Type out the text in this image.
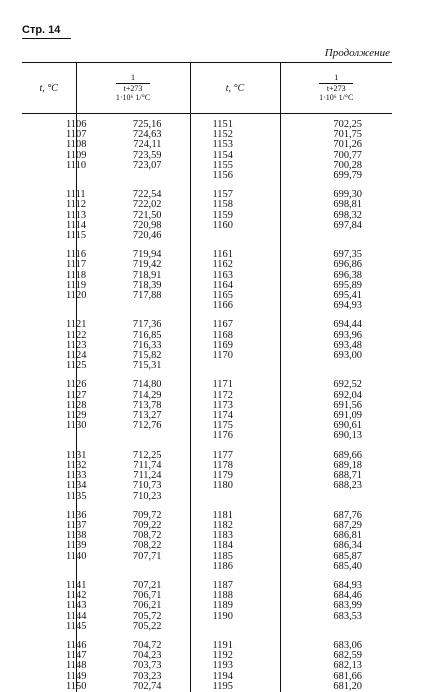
Стр. 14
Продолжение
t, °C	1
t+273
1·10⁶ 1/°C	t, °C	1
t+273
1·10⁶ 1/°C

1106	725,16	1151	702,25
1107	724,63	1152	701,75
1108	724,11	1153	701,26
1109	723,59	1154	700,77
1110	723,07	1155	700,28
		1156	699,79

1111	722,54	1157	699,30
1112	722,02	1158	698,81
1113	721,50	1159	698,32
1114	720,98	1160	697,84
1115	720,46		

1116	719,94	1161	697,35
1117	719,42	1162	696,86
1118	718,91	1163	696,38
1119	718,39	1164	695,89
1120	717,88	1165	695,41
		1166	694,93

1121	717,36	1167	694,44
1122	716,85	1168	693,96
1123	716,33	1169	693,48
1124	715,82	1170	693,00
1125	715,31		

1126	714,80	1171	692,52
1127	714,29	1172	692,04
1128	713,78	1173	691,56
1129	713,27	1174	691,09
1130	712,76	1175	690,61
		1176	690,13

1131	712,25	1177	689,66
1132	711,74	1178	689,18
1133	711,24	1179	688,71
1134	710,73	1180	688,23
1135	710,23		

1136	709,72	1181	687,76
1137	709,22	1182	687,29
1138	708,72	1183	686,81
1139	708,22	1184	686,34
1140	707,71	1185	685,87
		1186	685,40

1141	707,21	1187	684,93
1142	706,71	1188	684,46
1143	706,21	1189	683,99
1144	705,72	1190	683,53
1145	705,22		

1146	704,72	1191	683,06
1147	704,23	1192	682,59
1148	703,73	1193	682,13
1149	703,23	1194	681,66
1150	702,74	1195	681,20
